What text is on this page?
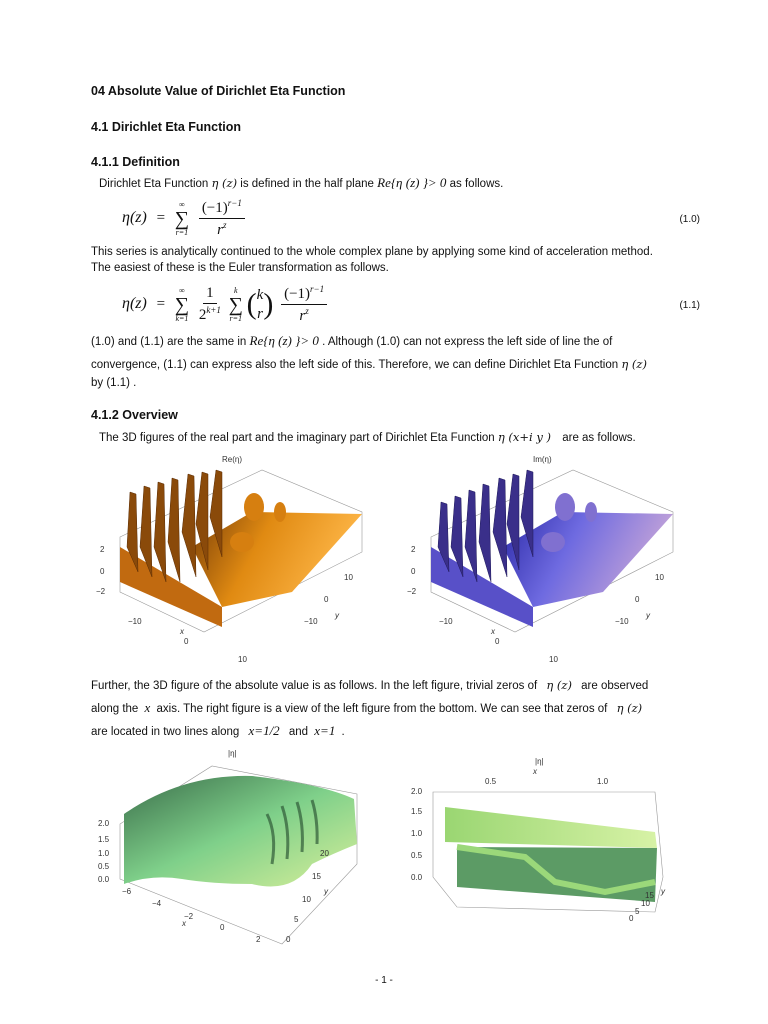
04 Absolute Value of Dirichlet Eta Function
4.1 Dirichlet Eta Function
4.1.1 Definition
Dirichlet Eta Function η (z) is defined in the half plane Re{η (z) }> 0 as follows.
η(z) =
∞
∑
r=1
$\frac{(-1)^{r-1}}{r^z}$	(1.0)
This series is analytically continued to the whole complex plane by applying some kind of acceleration method.
The easiest of these is the Euler transformation as follows.
η(z) =
∞
∑
k=1
$\frac{1}{2^{k+1}}$
k
∑
r=1 ( k
r ) $\frac{(-1)^{r-1}}{r^z}$	(1.1)
(1.0) and (1.1) are the same in Re{η (z) }> 0 . Although (1.0) can not express the left side of line the of
convergence, (1.1) can express also the left side of this. Therefore, we can define Dirichlet Eta Function η (z)
by (1.1) .
4.1.2 Overview
The 3D figures of the real part and the imaginary part of Dirichlet Eta Function η (x+i y ) are as follows.
Re(η)
2
0
−2
−10
0
10
x
10
0
−10
y
Im(η)
2
0
−2
−10
0
10
x
10
0
−10
y
Further, the 3D figure of the absolute value is as follows. In the left figure, trivial zeros of η (z) are observed
along the x axis. The right figure is a view of the left figure from the bottom. We can see that zeros of η (z)
are located in two lines along x=1/2 and x=1 .
|η|
2.0
1.5
1.0
0.5
0.0
−6
−4
−2
0
2
x
20
15
10
5
0
y
|η|
x
0.5	1.0
2.0
1.5
1.0
0.5
0.0
15
10
5
0
y
- 1 -
